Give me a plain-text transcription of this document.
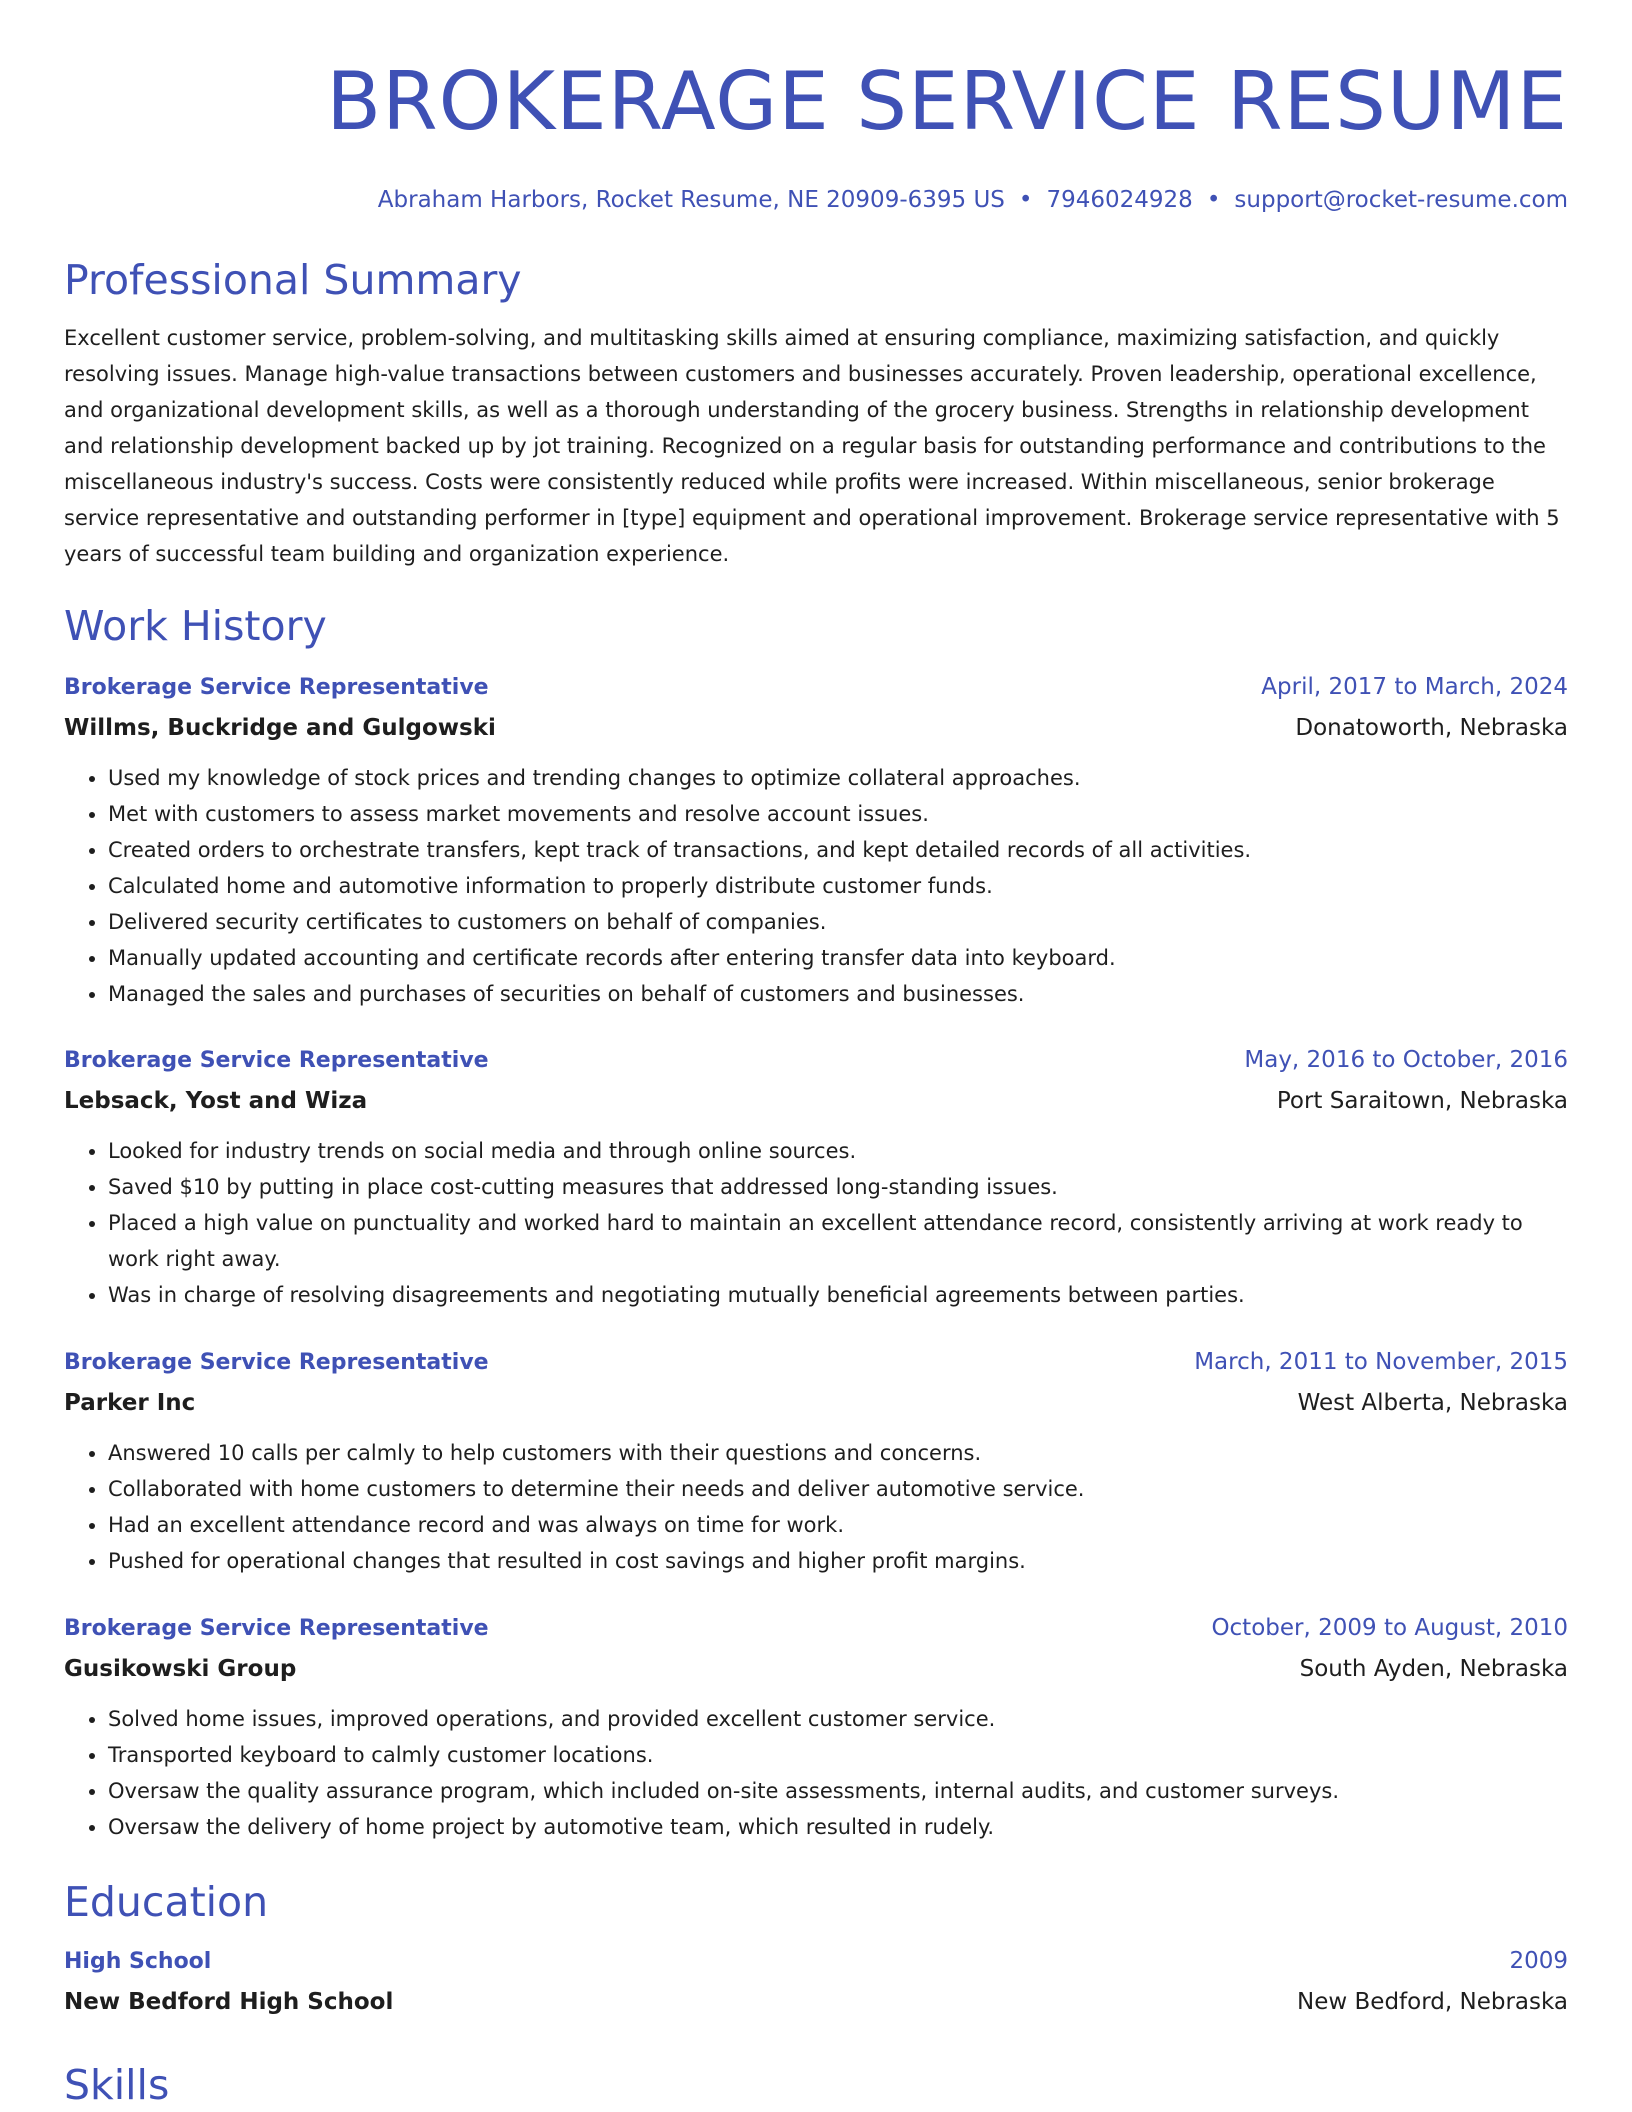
BROKERAGE SERVICE RESUME
Abraham Harbors, Rocket Resume, NE 20909-6395 US • 7946024928 • support@rocket-resume.com
Professional Summary

Excellent customer service, problem-solving, and multitasking skills aimed at ensuring compliance, maximizing satisfaction, and quickly resolving issues. Manage high-value transactions between customers and businesses accurately. Proven leadership, operational excellence, and organizational development skills, as well as a thorough understanding of the grocery business. Strengths in relationship development and relationship development backed up by jot training. Recognized on a regular basis for outstanding performance and contributions to the miscellaneous industry's success. Costs were consistently reduced while profits were increased. Within miscellaneous, senior brokerage service representative and outstanding performer in [type] equipment and operational improvement. Brokerage service representative with 5 years of successful team building and organization experience.

Work History
Brokerage Service Representative	April, 2017 to March, 2024
Willms, Buckridge and Gulgowski	Donatoworth, Nebraska
• Used my knowledge of stock prices and trending changes to optimize collateral approaches.
• Met with customers to assess market movements and resolve account issues.
• Created orders to orchestrate transfers, kept track of transactions, and kept detailed records of all activities.
• Calculated home and automotive information to properly distribute customer funds.
• Delivered security certificates to customers on behalf of companies.
• Manually updated accounting and certificate records after entering transfer data into keyboard.
• Managed the sales and purchases of securities on behalf of customers and businesses.
Brokerage Service Representative	May, 2016 to October, 2016
Lebsack, Yost and Wiza	Port Saraitown, Nebraska
• Looked for industry trends on social media and through online sources.
• Saved $10 by putting in place cost-cutting measures that addressed long-standing issues.
• Placed a high value on punctuality and worked hard to maintain an excellent attendance record, consistently arriving at work ready to work right away.
• Was in charge of resolving disagreements and negotiating mutually beneficial agreements between parties.
Brokerage Service Representative	March, 2011 to November, 2015
Parker Inc	West Alberta, Nebraska
• Answered 10 calls per calmly to help customers with their questions and concerns.
• Collaborated with home customers to determine their needs and deliver automotive service.
• Had an excellent attendance record and was always on time for work.
• Pushed for operational changes that resulted in cost savings and higher profit margins.
Brokerage Service Representative	October, 2009 to August, 2010
Gusikowski Group	South Ayden, Nebraska
• Solved home issues, improved operations, and provided excellent customer service.
• Transported keyboard to calmly customer locations.
• Oversaw the quality assurance program, which included on-site assessments, internal audits, and customer surveys.
• Oversaw the delivery of home project by automotive team, which resulted in rudely.
Education
High School	2009
New Bedford High School	New Bedford, Nebraska
Skills
